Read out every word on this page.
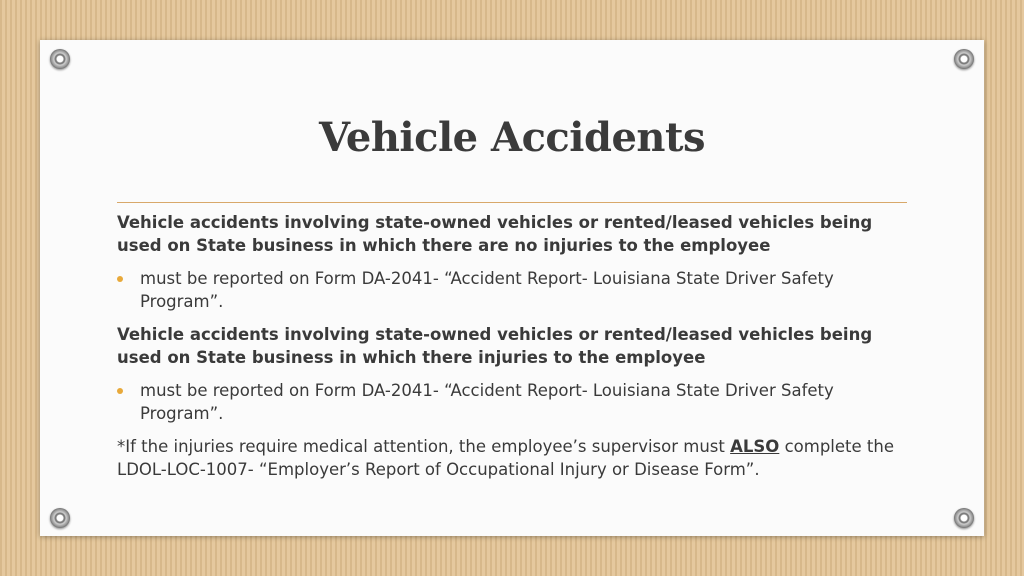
Vehicle Accidents

Vehicle accidents involving state-owned vehicles or rented/leased vehicles being used on State business in which there are no injuries to the employee

must be reported on Form DA-2041- “Accident Report- Louisiana State Driver Safety Program”.

Vehicle accidents involving state-owned vehicles or rented/leased vehicles being used on State business in which there injuries to the employee

must be reported on Form DA-2041- “Accident Report- Louisiana State Driver Safety Program”.

*If the injuries require medical attention, the employee’s supervisor must ALSO complete the LDOL-LOC-1007- “Employer’s Report of Occupational Injury or Disease Form”.
